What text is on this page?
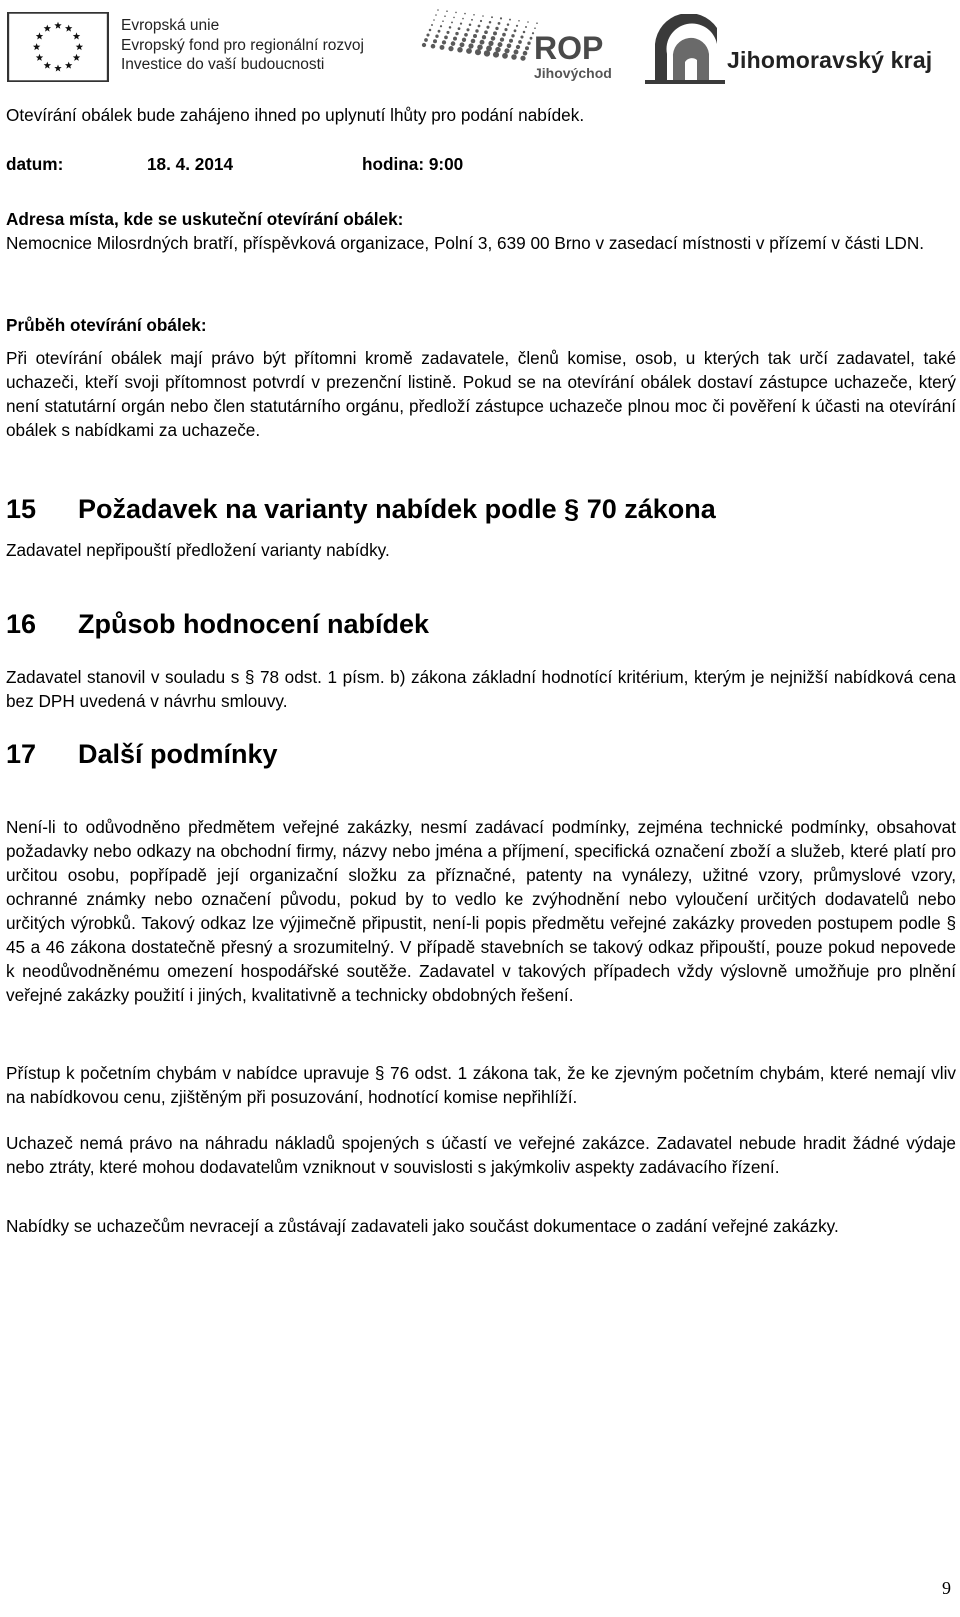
Evropská unie
Evropský fond pro regionální rozvoj
Investice do vaší budoucnosti	ROP
Jihovýchod	Jihomoravský kraj

Otevírání obálek bude zahájeno ihned po uplynutí lhůty pro podání nabídek.

datum:	18. 4. 2014	hodina: 9:00

Adresa místa, kde se uskuteční otevírání obálek:

Nemocnice Milosrdných bratří, příspěvková organizace, Polní 3, 639 00 Brno v zasedací místnosti v přízemí v části LDN.

Průběh otevírání obálek:

Při otevírání obálek mají právo být přítomni kromě zadavatele, členů komise, osob, u kterých tak určí zadavatel, také uchazeči, kteří svoji přítomnost potvrdí v prezenční listině. Pokud se na otevírání obálek dostaví zástupce uchazeče, který není statutární orgán nebo člen statutárního orgánu, předloží zástupce uchazeče plnou moc či pověření k účasti na otevírání obálek s nabídkami za uchazeče.

15 Požadavek na varianty nabídek podle § 70 zákona

Zadavatel nepřipouští předložení varianty nabídky.

16 Způsob hodnocení nabídek

Zadavatel stanovil v souladu s § 78 odst. 1 písm. b) zákona základní hodnotící kritérium, kterým je nejnižší nabídková cena bez DPH uvedená v návrhu smlouvy.

17 Další podmínky

Není-li to odůvodněno předmětem veřejné zakázky, nesmí zadávací podmínky, zejména technické podmínky, obsahovat požadavky nebo odkazy na obchodní firmy, názvy nebo jména a příjmení, specifická označení zboží a služeb, které platí pro určitou osobu, popřípadě její organizační složku za příznačné, patenty na vynálezy, užitné vzory, průmyslové vzory, ochranné známky nebo označení původu, pokud by to vedlo ke zvýhodnění nebo vyloučení určitých dodavatelů nebo určitých výrobků. Takový odkaz lze výjimečně připustit, není-li popis předmětu veřejné zakázky proveden postupem podle § 45 a 46 zákona dostatečně přesný a srozumitelný. V případě stavebních se takový odkaz připouští, pouze pokud nepovede k neodůvodněnému omezení hospodářské soutěže. Zadavatel v takových případech vždy výslovně umožňuje pro plnění veřejné zakázky použití i jiných, kvalitativně a technicky obdobných řešení.

Přístup k početním chybám v nabídce upravuje § 76 odst. 1 zákona tak, že ke zjevným početním chybám, které nemají vliv na nabídkovou cenu, zjištěným při posuzování, hodnotící komise nepřihlíží.

Uchazeč nemá právo na náhradu nákladů spojených s účastí ve veřejné zakázce. Zadavatel nebude hradit žádné výdaje nebo ztráty, které mohou dodavatelům vzniknout v souvislosti s jakýmkoliv aspekty zadávacího řízení.

Nabídky se uchazečům nevracejí a zůstávají zadavateli jako součást dokumentace o zadání veřejné zakázky.

9
